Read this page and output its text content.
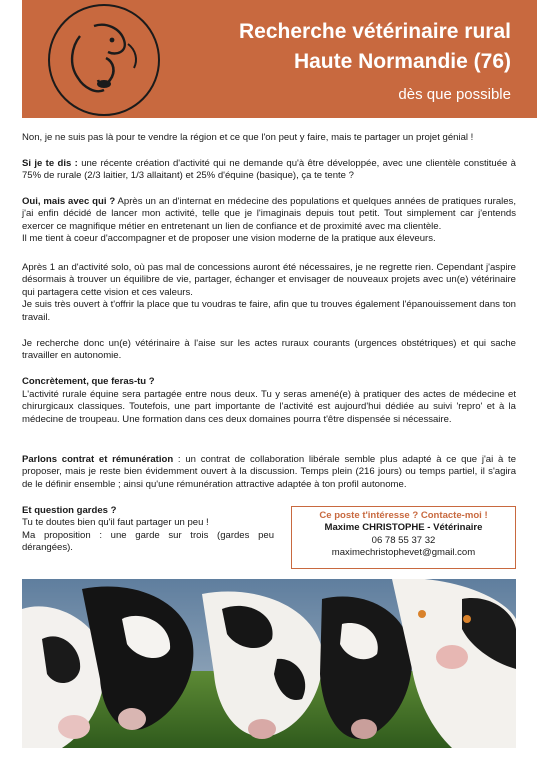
Recherche vétérinaire rural
Haute Normandie (76)
dès que possible

Non, je ne suis pas là pour te vendre la région et ce que l'on peut y faire, mais te partager un projet génial !

Si je te dis : une récente création d'activité qui ne demande qu'à être développée, avec une clientèle constituée à 75% de rurale (2/3 laitier, 1/3 allaitant) et 25% d'équine (basique), ça te tente ?

Oui, mais avec qui ? Après un an d'internat en médecine des populations et quelques années de pratiques rurales, j'ai enfin décidé de lancer mon activité, telle que je l'imaginais depuis tout petit. Tout simplement car j'entends exercer ce magnifique métier en entretenant un lien de confiance et de proximité avec ma clientèle.

Il me tient à coeur d'accompagner et de proposer une vision moderne de la pratique aux éleveurs.

Après 1 an d'activité solo, où pas mal de concessions auront été nécessaires, je ne regrette rien. Cependant j'aspire désormais à trouver un équilibre de vie, partager, échanger et envisager de nouveaux projets avec un(e) vétérinaire qui partagera cette vision et ces valeurs.

Je suis très ouvert à t'offrir la place que tu voudras te faire, afin que tu trouves également l'épanouissement dans ton travail.

Je recherche donc un(e) vétérinaire à l'aise sur les actes ruraux courants (urgences obstétriques) et qui sache travailler en autonomie.

Concrètement, que feras-tu ?

L'activité rurale équine sera partagée entre nous deux. Tu y seras amené(e) à pratiquer des actes de médecine et chirurgicaux classiques. Toutefois, une part importante de l'activité est aujourd'hui dédiée au suivi 'repro' et à la médecine de troupeau. Une formation dans ces deux domaines pourra t'être dispensée si nécessaire.

Parlons contrat et rémunération : un contrat de collaboration libérale semble plus adapté à ce que j'ai à te proposer, mais je reste bien évidemment ouvert à la discussion. Temps plein (216 jours) ou temps partiel, il s'agira de le définir ensemble ; ainsi qu'une rémunération attractive adaptée à ton profil autonome.

Et question gardes ?

Tu te doutes bien qu'il faut partager un peu !

Ma proposition : une garde sur trois (gardes peu dérangées).

Ce poste t'intéresse ? Contacte-moi !

Maxime CHRISTOPHE - Vétérinaire

06 78 55 37 32

maximechristophevet@gmail.com
